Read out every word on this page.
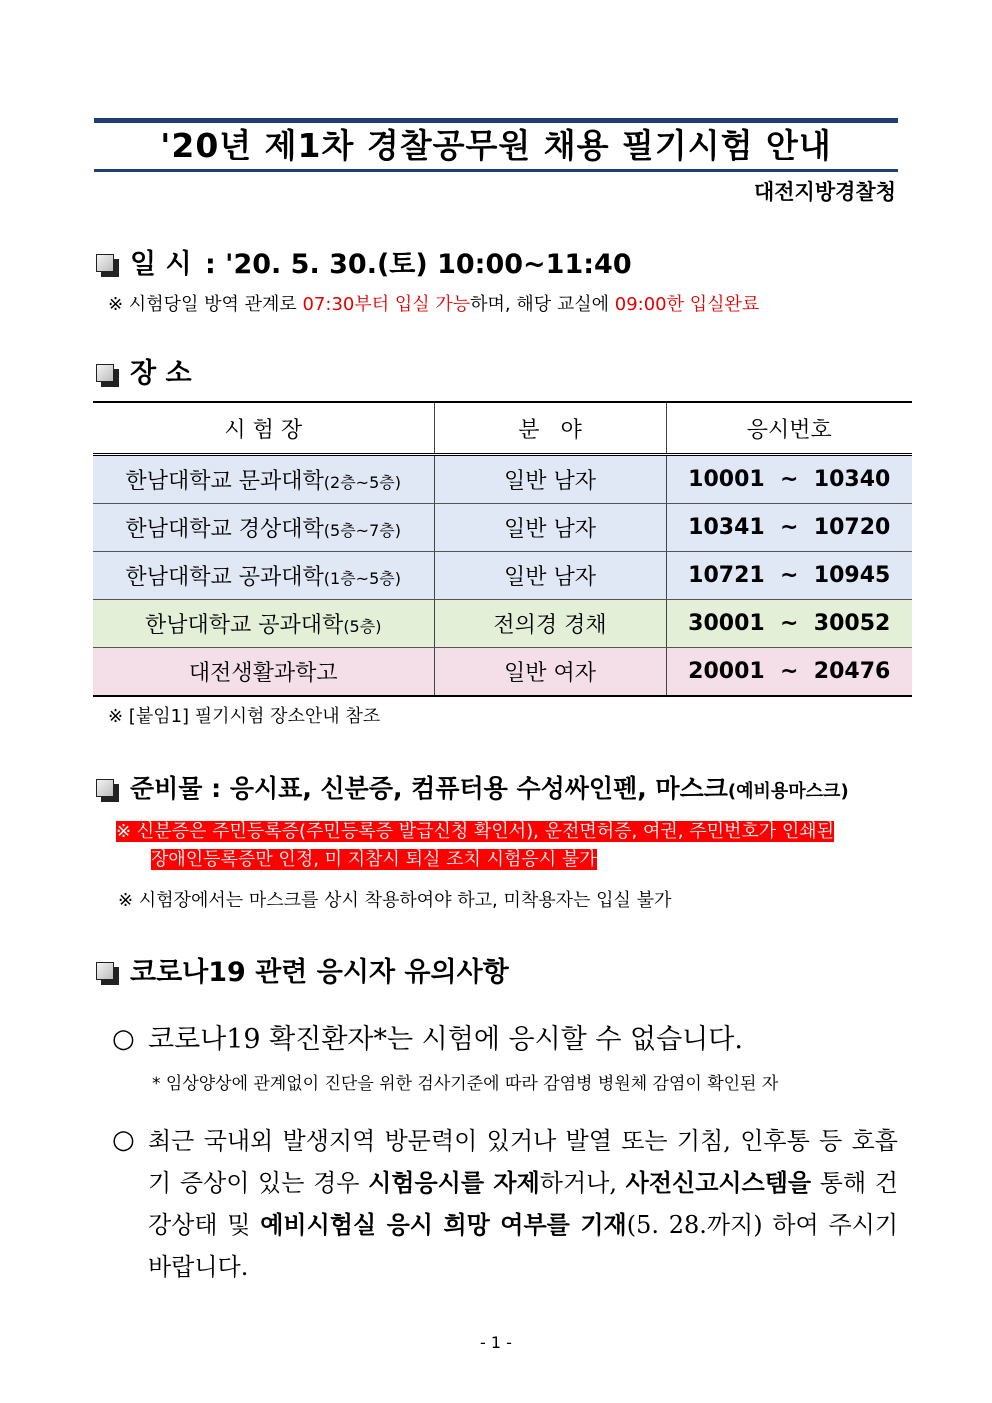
'20년 제1차 경찰공무원 채용 필기시험 안내
대전지방경찰청
일 시 : '20. 5. 30.(토) 10:00~11:40
※ 시험당일 방역 관계로 07:30부터 입실 가능하며, 해당 교실에 09:00한 입실완료
장 소
시 험 장	분   야	응시번호
한남대학교 문과대학(2층~5층)	일반 남자	10001  ~  10340
한남대학교 경상대학(5층~7층)	일반 남자	10341  ~  10720
한남대학교 공과대학(1층~5층)	일반 남자	10721  ~  10945
한남대학교 공과대학(5층)	전의경 경채	30001  ~  30052
대전생활과학고	일반 여자	20001  ~  20476
※ [붙임1] 필기시험 장소안내 참조
준비물 : 응시표, 신분증, 컴퓨터용 수성싸인펜, 마스크(예비용마스크)
※ 신분증은 주민등록증(주민등록증 발급신청 확인서), 운전면허증, 여권, 주민번호가 인쇄된
장애인등록증만 인정, 미 지참시 퇴실 조치 시험응시 불가
※ 시험장에서는 마스크를 상시 착용하여야 하고, 미착용자는 입실 불가
코로나19 관련 응시자 유의사항
○ 코로나19 확진환자*는 시험에 응시할 수 없습니다.
* 임상양상에 관계없이 진단을 위한 검사기준에 따라 감염병 병원체 감염이 확인된 자
○ 최근 국내외 발생지역 방문력이 있거나 발열 또는 기침, 인후통 등 호흡기 증상이 있는 경우 시험응시를 자제하거나, 사전신고시스템을 통해 건강상태 및 예비시험실 응시 희망 여부를 기재(5. 28.까지) 하여 주시기 바랍니다.
- 1 -
